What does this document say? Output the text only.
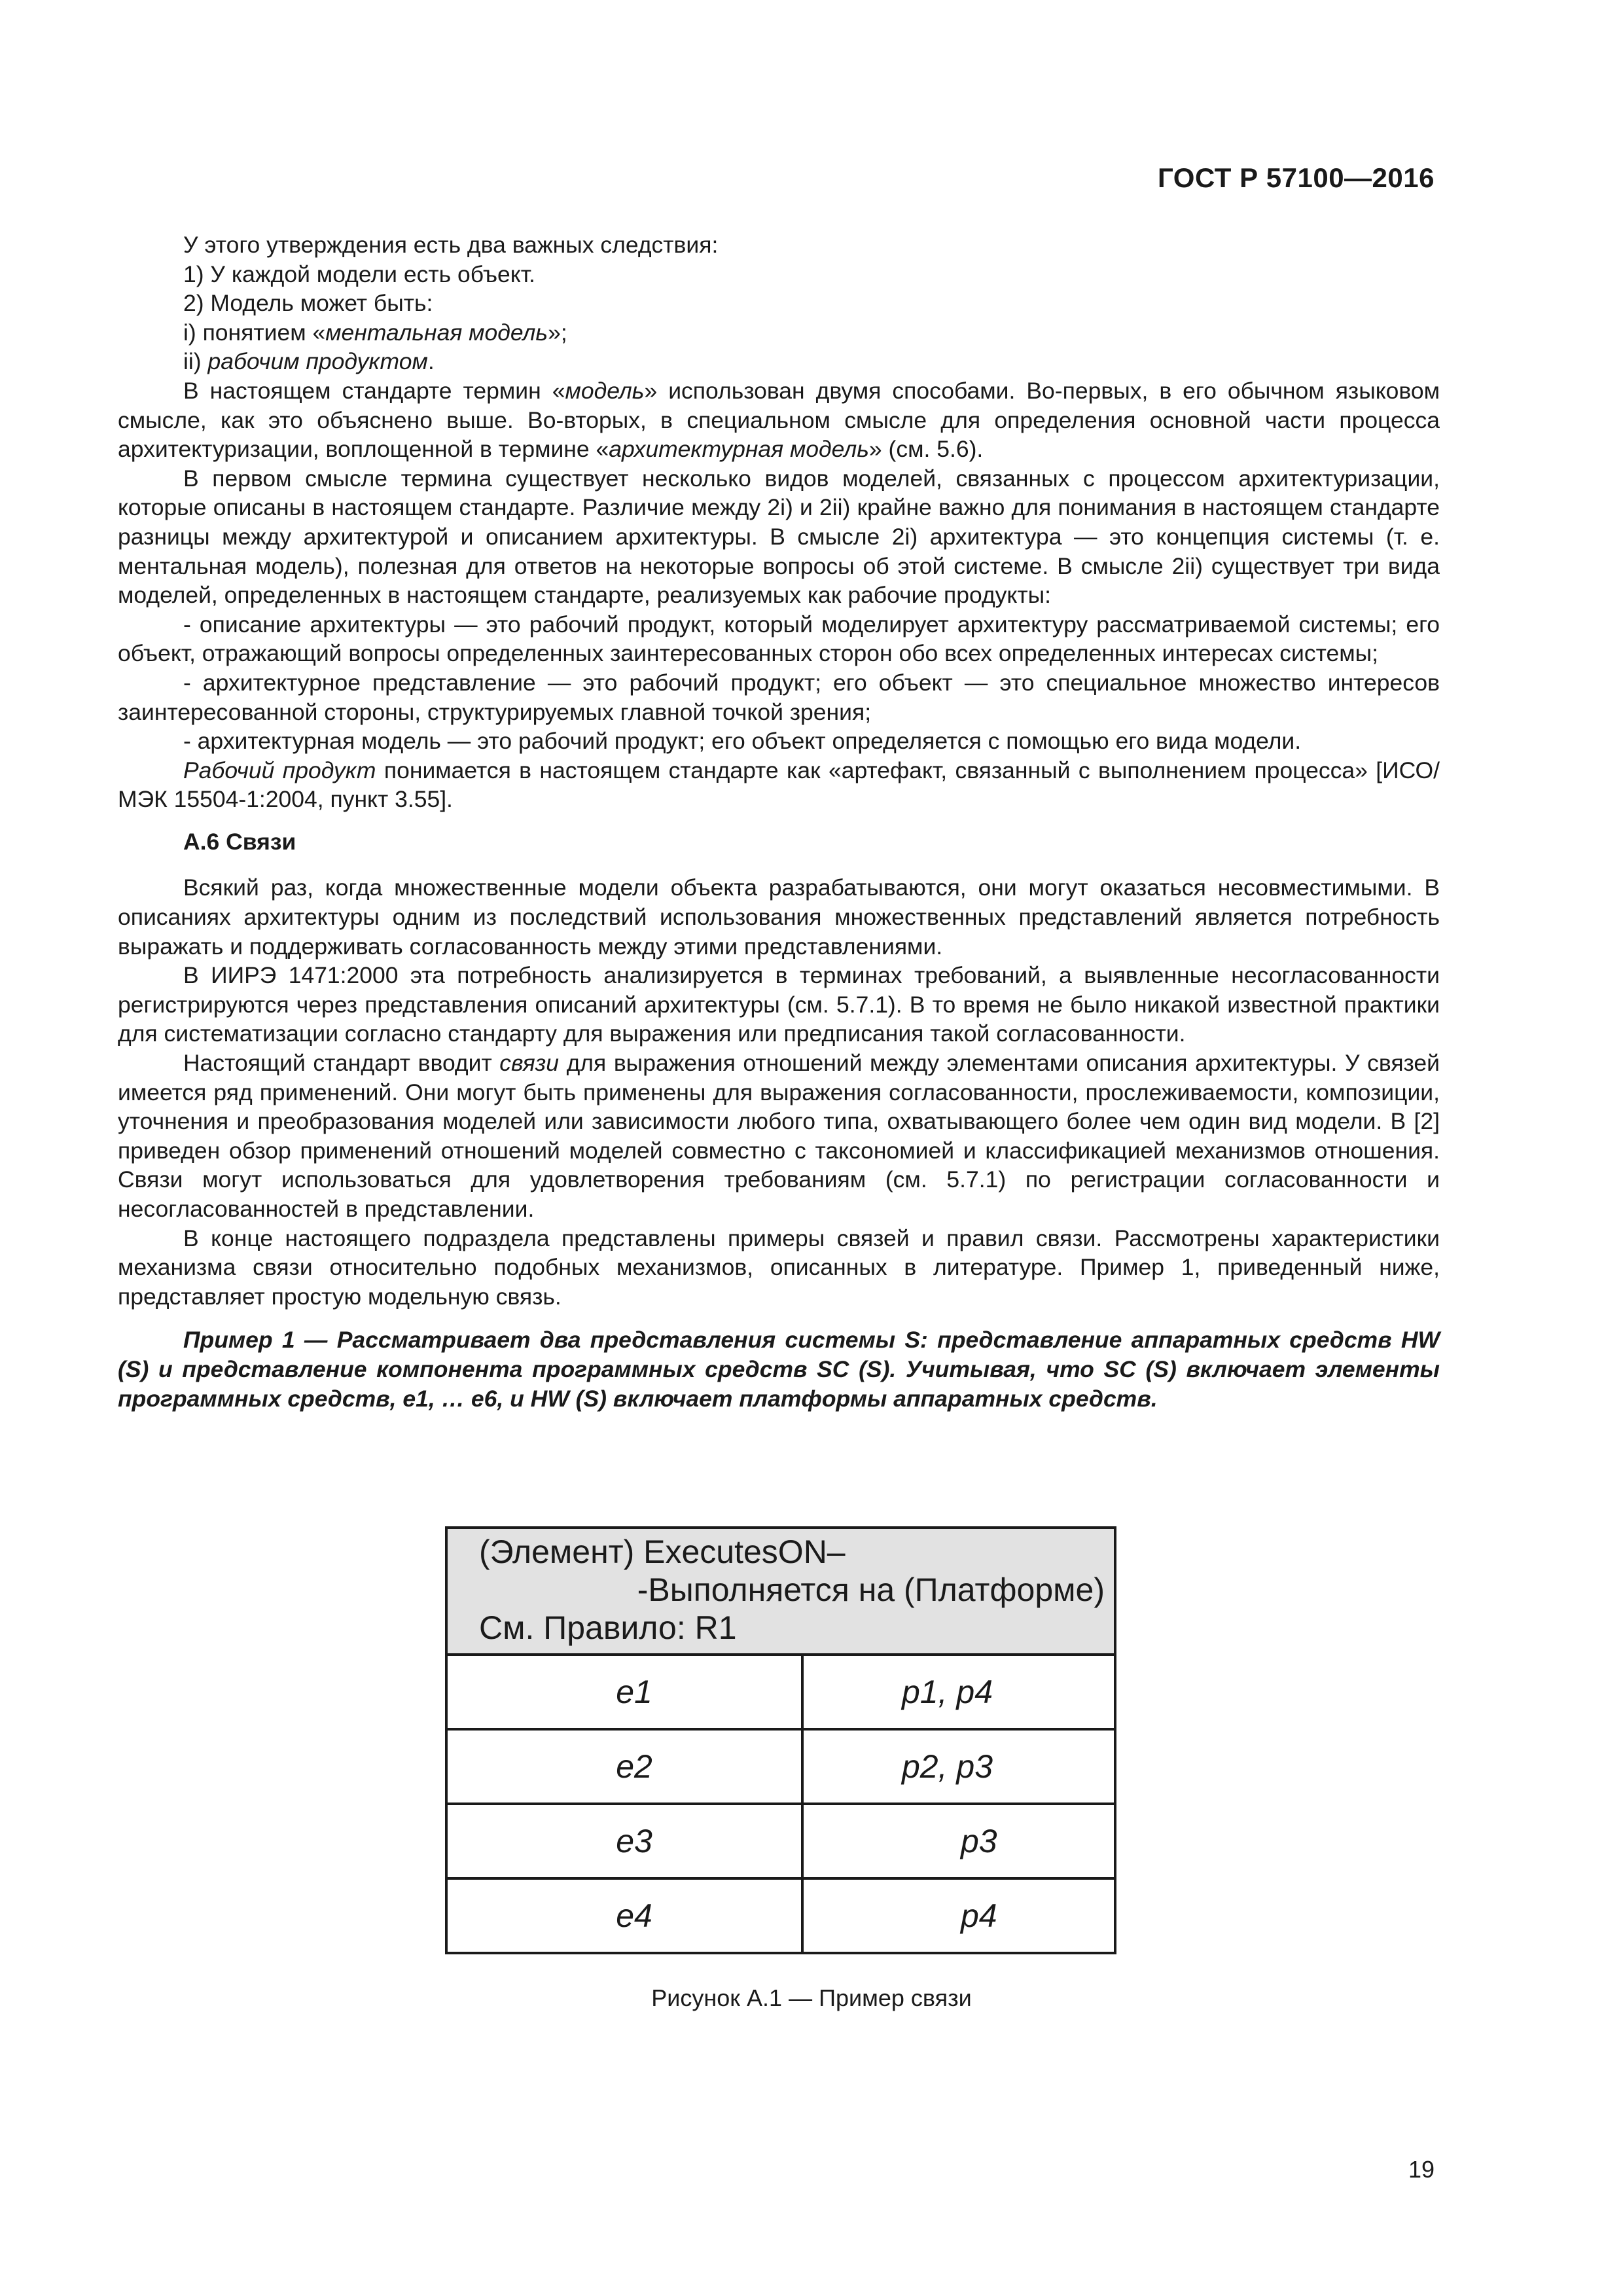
ГОСТ Р 57100—2016

У этого утверждения есть два важных следствия:

1) У каждой модели есть объект.

2) Модель может быть:

i) понятием «ментальная модель»;

ii) рабочим продуктом.

В настоящем стандарте термин «модель» использован двумя способами. Во-первых, в его обычном языковом смысле, как это объяснено выше. Во-вторых, в специальном смысле для определения основной части процесса архитектуризации, воплощенной в термине «архитектурная модель» (см. 5.6).

В первом смысле термина существует несколько видов моделей, связанных с процессом архитектуризации, которые описаны в настоящем стандарте. Различие между 2i) и 2ii) крайне важно для понимания в настоящем стандарте разницы между архитектурой и описанием архитектуры. В смысле 2i) архитектура — это концепция системы (т. е. ментальная модель), полезная для ответов на некоторые вопросы об этой системе. В смысле 2ii) существует три вида моделей, определенных в настоящем стандарте, реализуемых как рабочие продукты:

- описание архитектуры — это рабочий продукт, который моделирует архитектуру рассматриваемой системы; его объект, отражающий вопросы определенных заинтересованных сторон обо всех определенных интересах системы;

- архитектурное представление — это рабочий продукт; его объект — это специальное множество интересов заинтересованной стороны, структурируемых главной точкой зрения;

- архитектурная модель — это рабочий продукт; его объект определяется с помощью его вида модели.

Рабочий продукт понимается в настоящем стандарте как «артефакт, связанный с выполнением процесса» [ИСО/МЭК 15504-1:2004, пункт 3.55].

А.6 Связи

Всякий раз, когда множественные модели объекта разрабатываются, они могут оказаться несовместимыми. В описаниях архитектуры одним из последствий использования множественных представлений является потребность выражать и поддерживать согласованность между этими представлениями.

В ИИРЭ 1471:2000 эта потребность анализируется в терминах требований, а выявленные несогласованности регистрируются через представления описаний архитектуры (см. 5.7.1). В то время не было никакой известной практики для систематизации согласно стандарту для выражения или предписания такой согласованности.

Настоящий стандарт вводит связи для выражения отношений между элементами описания архитектуры. У связей имеется ряд применений. Они могут быть применены для выражения согласованности, прослеживаемости, композиции, уточнения и преобразования моделей или зависимости любого типа, охватывающего более чем один вид модели. В [2] приведен обзор применений отношений моделей совместно с таксономией и классификацией механизмов отношения. Связи могут использоваться для удовлетворения требованиям (см. 5.7.1) по регистрации согласованности и несогласованностей в представлении.

В конце настоящего подраздела представлены примеры связей и правил связи. Рассмотрены характеристики механизма связи относительно подобных механизмов, описанных в литературе. Пример 1, приведенный ниже, представляет простую модельную связь.

Пример 1 — Рассматривает два представления системы S: представление аппаратных средств HW (S) и представление компонента программных средств SC (S). Учитывая, что SC (S) включает элементы программных средств, e1, … e6, и HW (S) включает платформы аппаратных средств.

(Элемент) ExecutesON–
-Выполняется на (Платформе)
См. Правило: R1	

e1	p1, p4
e2	p2, p3
e3	p3
e4	p4
Рисунок А.1 — Пример связи
19
